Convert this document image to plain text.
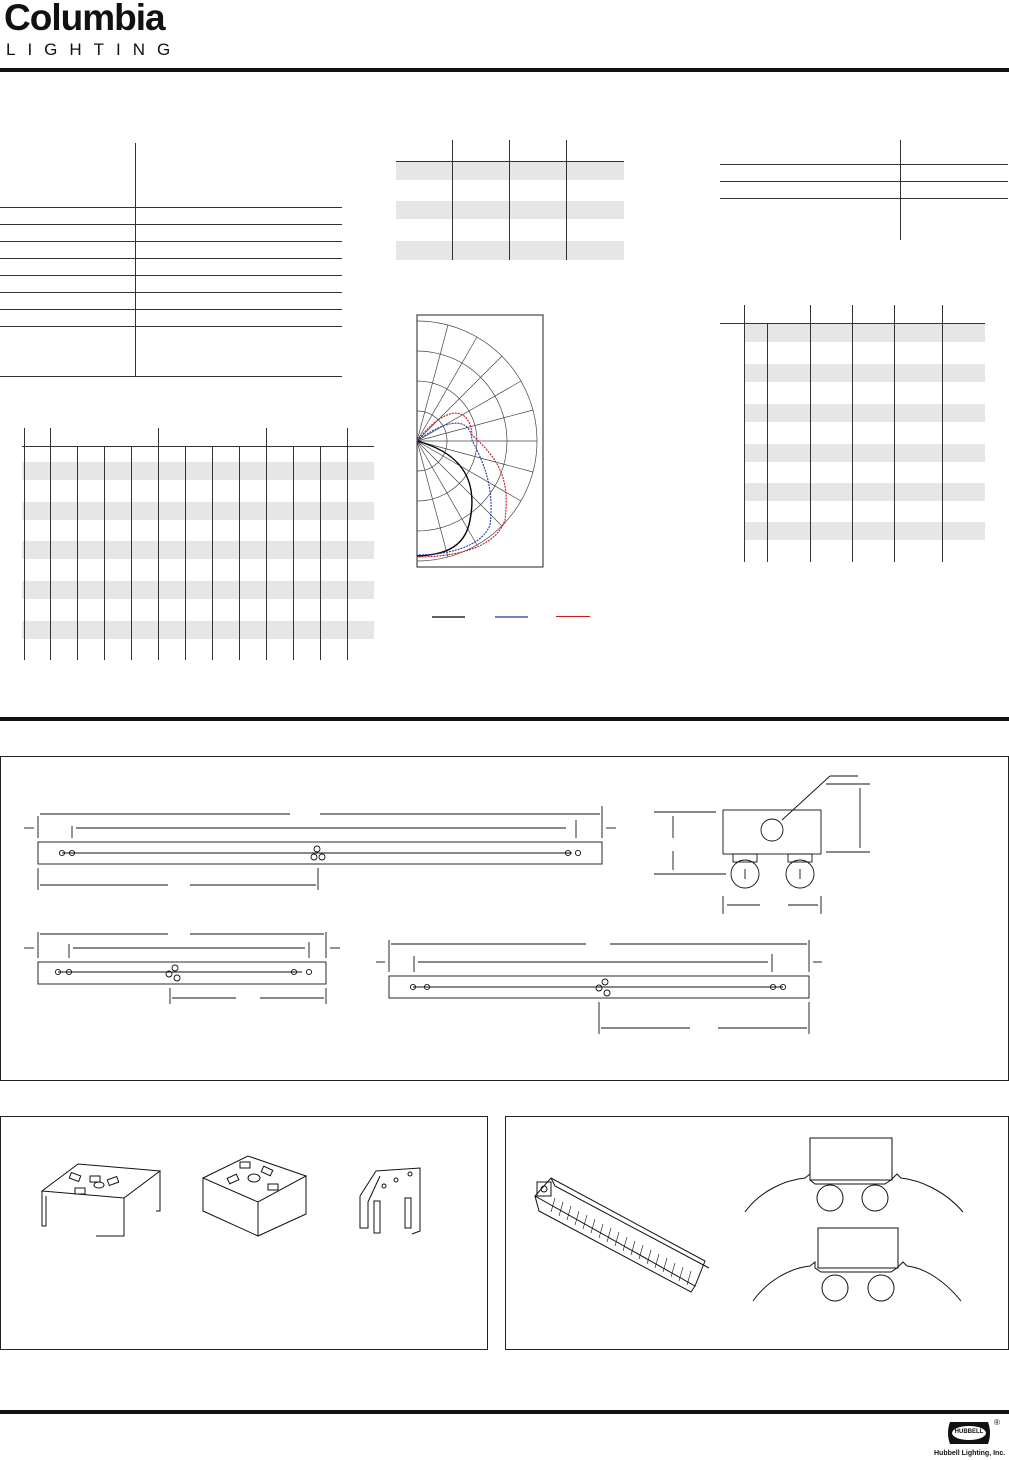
Columbia
LIGHTING
HUBBELL
®
Hubbell Lighting, Inc.
